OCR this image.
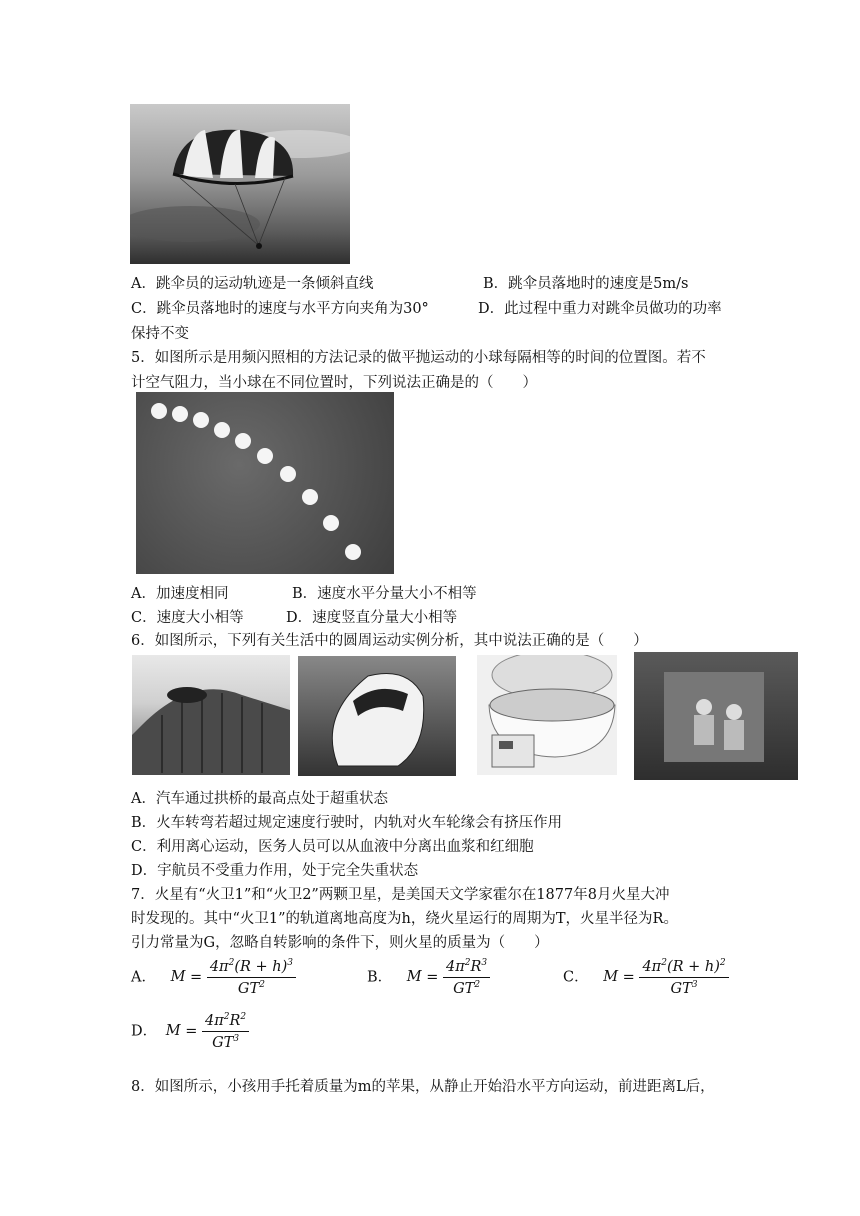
A．跳伞员的运动轨迹是一条倾斜直线	B．跳伞员落地时的速度是5m/s
C．跳伞员落地时的速度与水平方向夹角为30°	D．此过程中重力对跳伞员做功的功率
保持不变
5．如图所示是用频闪照相的方法记录的做平抛运动的小球每隔相等的时间的位置图。若不
计空气阻力，当小球在不同位置时，下列说法正确是的（　　）
A．加速度相同	B．速度水平分量大小不相等
C．速度大小相等	D．速度竖直分量大小相等
6．如图所示，下列有关生活中的圆周运动实例分析，其中说法正确的是（　　）
A．汽车通过拱桥的最高点处于超重状态
B．火车转弯若超过规定速度行驶时，内轨对火车轮缘会有挤压作用
C．利用离心运动，医务人员可以从血液中分离出血浆和红细胞
D．宇航员不受重力作用，处于完全失重状态
7．火星有“火卫1”和“火卫2”两颗卫星，是美国天文学家霍尔在1877年8月火星大冲
时发现的。其中“火卫1”的轨道离地高度为h，绕火星运行的周期为T，火星半径为R。
引力常量为G，忽略自转影响的条件下，则火星的质量为（　　）
A． $M = \frac{4\pi^2(R + h)^3}{GT^2}$	B． $M = \frac{4\pi^2R^3}{GT^2}$	C． $M = \frac{4\pi^2(R + h)^2}{GT^3}$
D． $M = \frac{4\pi^2R^2}{GT^3}$
8．如图所示，小孩用手托着质量为m的苹果，从静止开始沿水平方向运动，前进距离L后，
